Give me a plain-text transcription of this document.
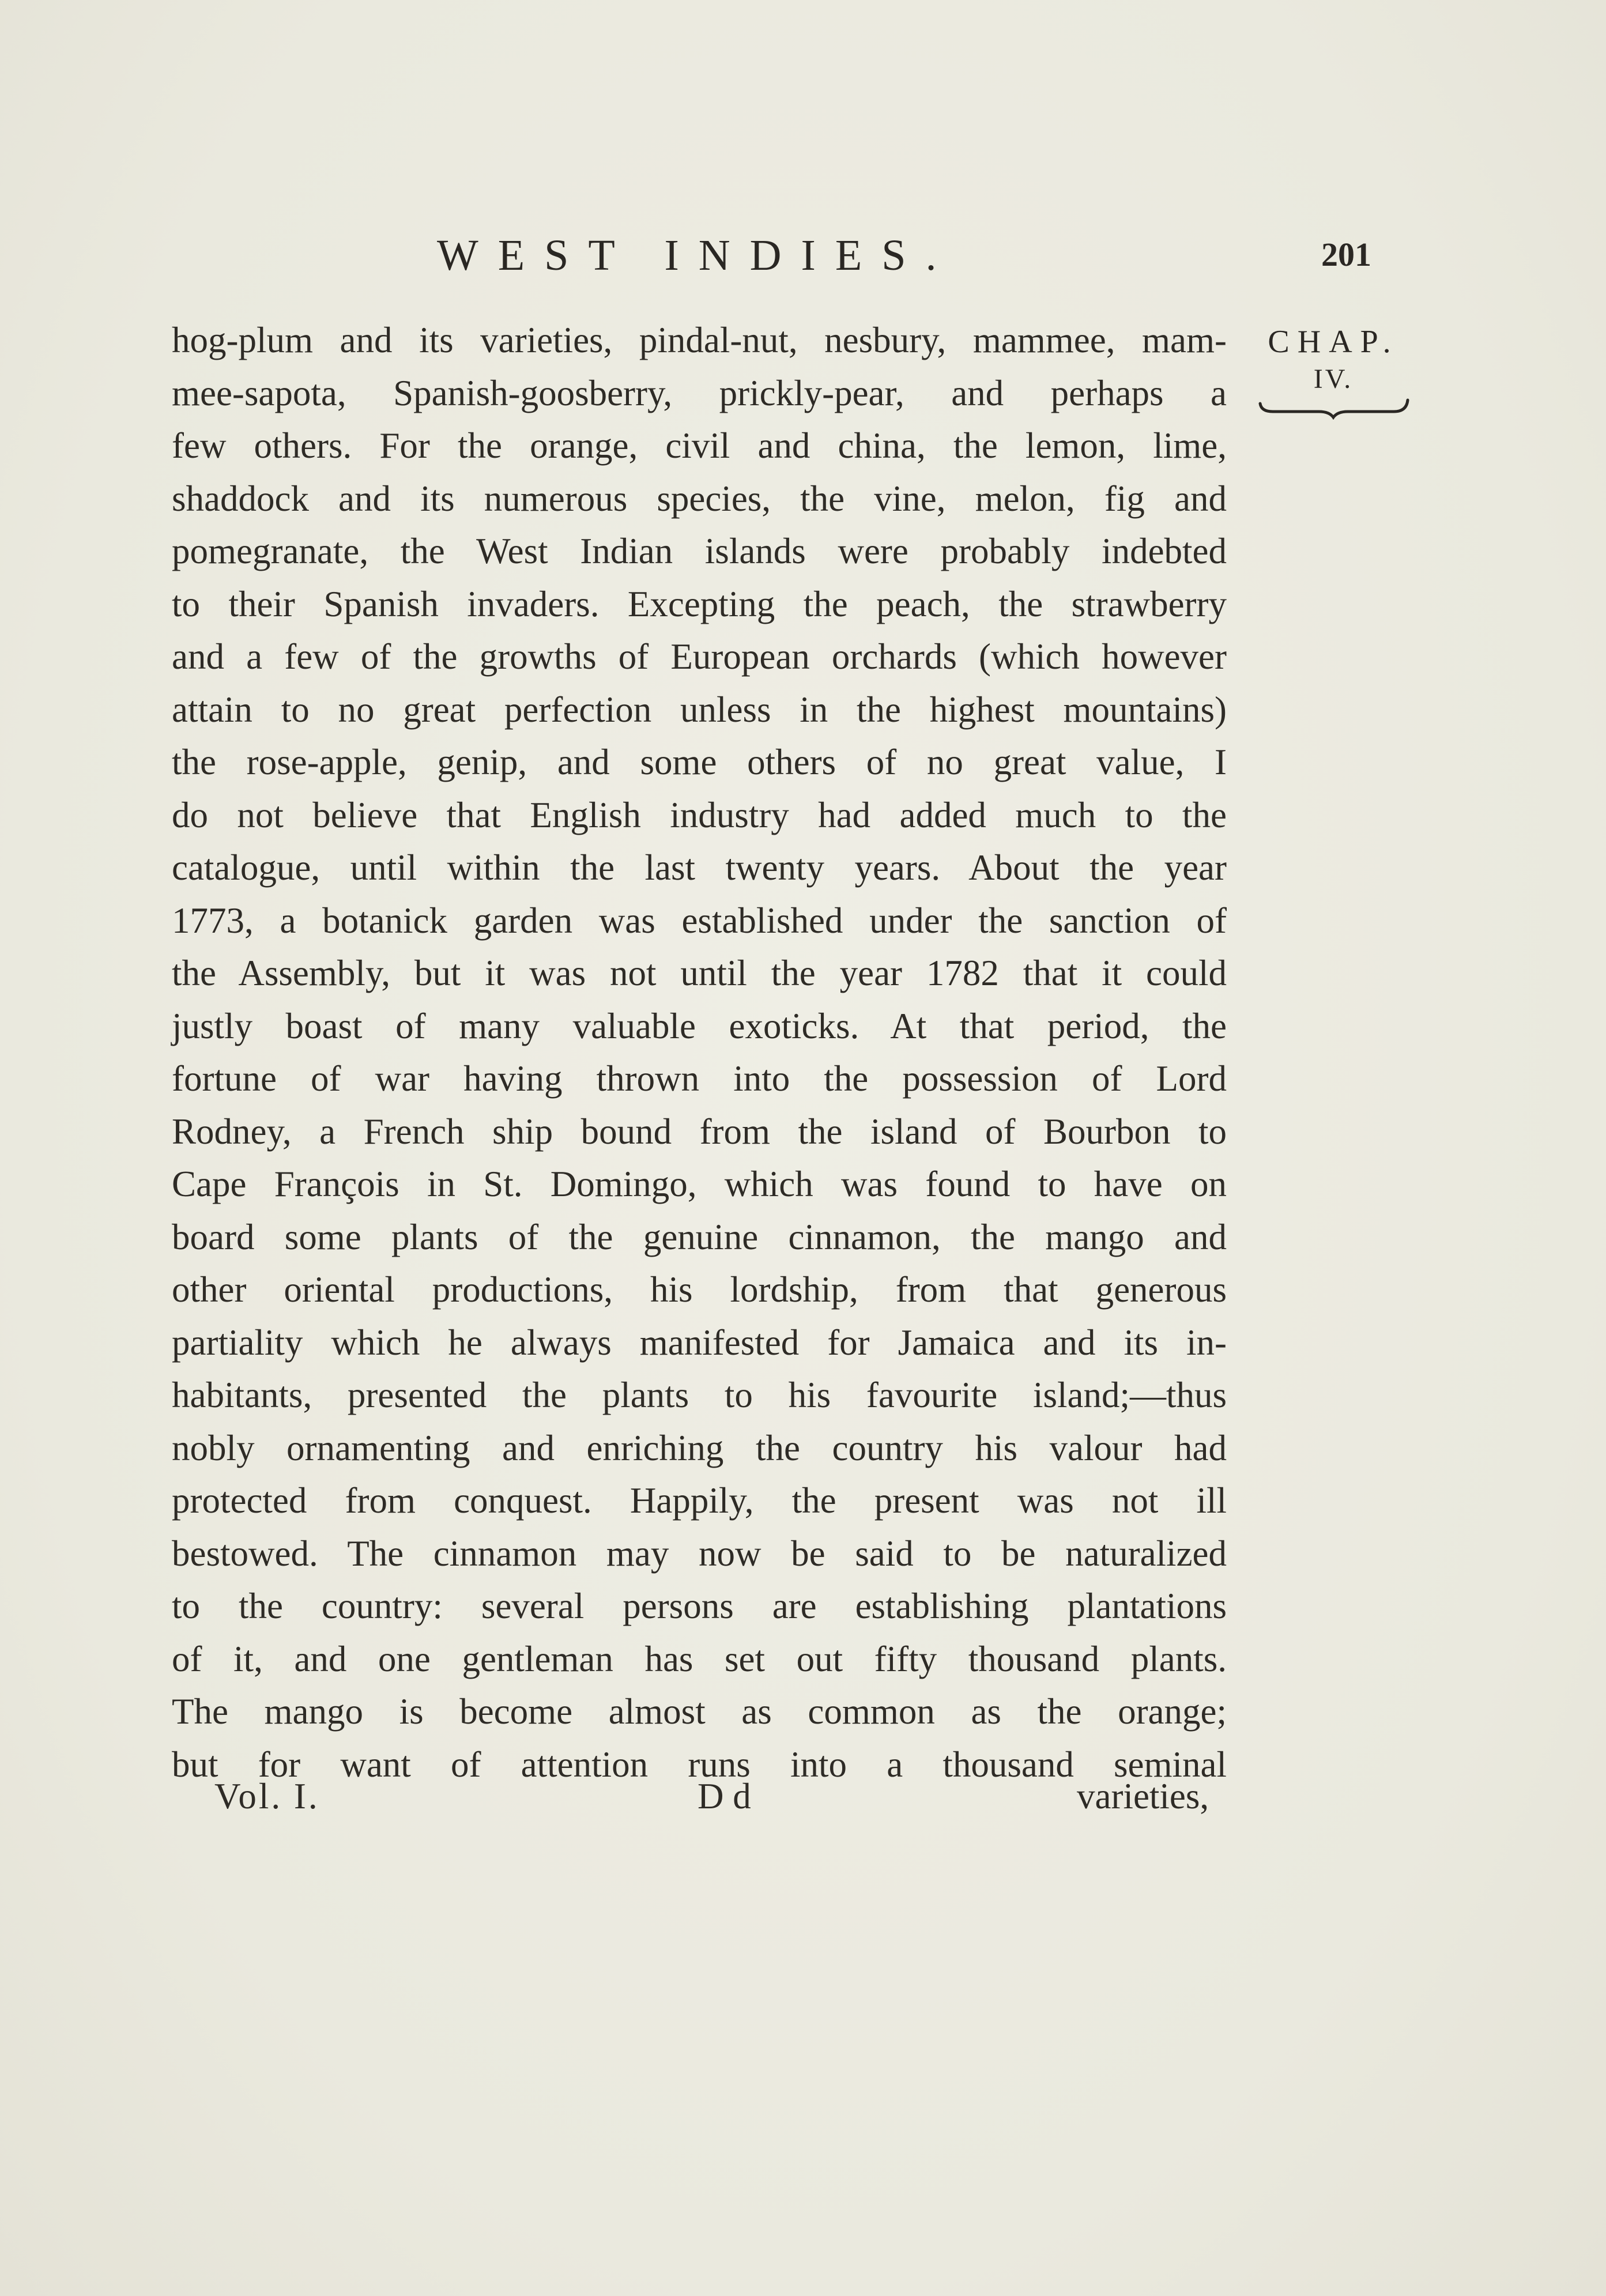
WEST INDIES.	201
CHAP.
IV.
hog-plum and its varieties, pindal-nut, nesbury, mammee, mam-
mee-sapota, Spanish-goosberry, prickly-pear, and perhaps a
few others. For the orange, civil and china, the lemon, lime,
shaddock and its numerous species, the vine, melon, fig and
pomegranate, the West Indian islands were probably indebted
to their Spanish invaders. Excepting the peach, the strawberry
and a few of the growths of European orchards (which however
attain to no great perfection unless in the highest mountains)
the rose-apple, genip, and some others of no great value, I
do not believe that English industry had added much to the
catalogue, until within the last twenty years. About the year
1773, a botanick garden was established under the sanction of
the Assembly, but it was not until the year 1782 that it could
justly boast of many valuable exoticks. At that period, the
fortune of war having thrown into the possession of Lord
Rodney, a French ship bound from the island of Bourbon to
Cape François in St. Domingo, which was found to have on
board some plants of the genuine cinnamon, the mango and
other oriental productions, his lordship, from that generous
partiality which he always manifested for Jamaica and its in-
habitants, presented the plants to his favourite island;—thus
nobly ornamenting and enriching the country his valour had
protected from conquest. Happily, the present was not ill
bestowed. The cinnamon may now be said to be naturalized
to the country: several persons are establishing plantations
of it, and one gentleman has set out fifty thousand plants.
The mango is become almost as common as the orange;
but for want of attention runs into a thousand seminal
Vol. I.	D d	varieties,
